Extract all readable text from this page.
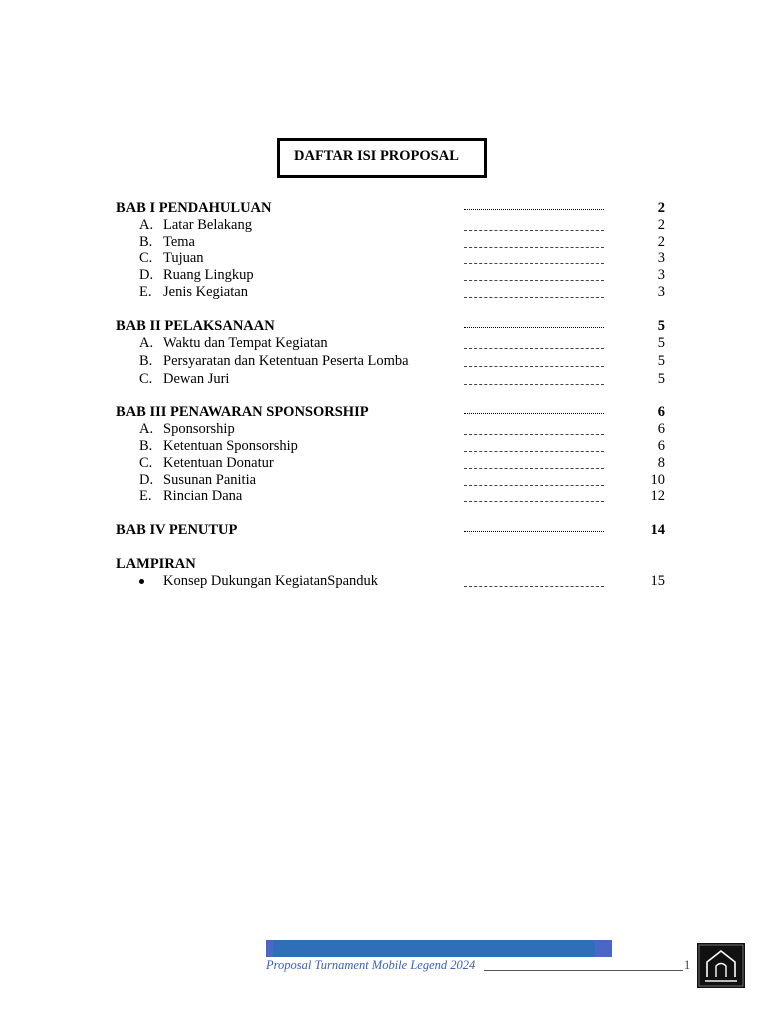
DAFTAR ISI PROPOSAL
BAB I PENDAHULUAN	2
A. Latar Belakang	2
B. Tema	2
C. Tujuan	3
D. Ruang Lingkup	3
E. Jenis Kegiatan	3
BAB II PELAKSANAAN	5
A. Waktu dan Tempat Kegiatan	5
B. Persyaratan dan Ketentuan Peserta Lomba	5
C. Dewan Juri	5
BAB III PENAWARAN SPONSORSHIP	6
A. Sponsorship	6
B. Ketentuan Sponsorship	6
C. Ketentuan Donatur	8
D. Susunan Panitia	10
E. Rincian Dana	12
BAB IV PENUTUP	14
LAMPIRAN
Konsep Dukungan KegiatanSpanduk	15
Proposal Turnament Mobile Legend 2024	1
